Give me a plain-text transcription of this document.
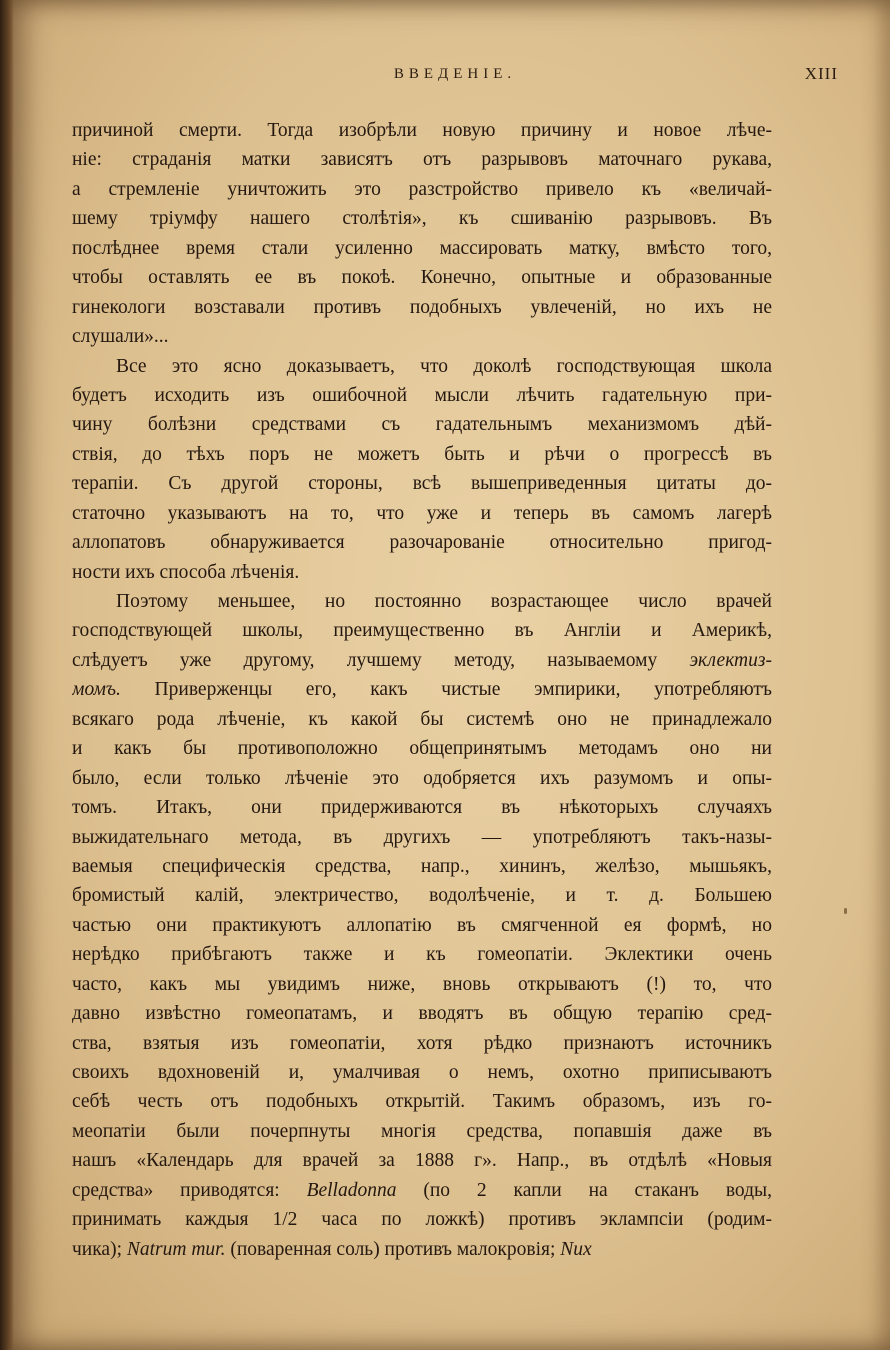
ВВЕДЕНІЕ.	XIII

причиной смерти. Тогда изобрѣли новую причину и новое лѣче-
ніе: страданія матки зависятъ отъ разрывовъ маточнаго рукава,
а стремленіе уничтожить это разстройство привело къ «величай-
шему тріумфу нашего столѣтія», къ сшиванію разрывовъ. Въ
послѣднее время стали усиленно массировать матку, вмѣсто того,
чтобы оставлять ее въ покоѣ. Конечно, опытные и образованные
гинекологи возставали противъ подобныхъ увлеченій, но ихъ не
слушали»...

Все это ясно доказываетъ, что доколѣ господствующая школа
будетъ исходить изъ ошибочной мысли лѣчить гадательную при-
чину болѣзни средствами съ гадательнымъ механизмомъ дѣй-
ствія, до тѣхъ поръ не можетъ быть и рѣчи о прогрессѣ въ
терапіи. Съ другой стороны, всѣ вышеприведенныя цитаты до-
статочно указываютъ на то, что уже и теперь въ самомъ лагерѣ
аллопатовъ обнаруживается разочарованіе относительно пригод-
ности ихъ способа лѣченія.

Поэтому меньшее, но постоянно возрастающее число врачей
господствующей школы, преимущественно въ Англіи и Америкѣ,
слѣдуетъ уже другому, лучшему методу, называемому эклектиз-
момъ. Приверженцы его, какъ чистые эмпирики, употребляютъ
всякаго рода лѣченіе, къ какой бы системѣ оно не принадлежало
и какъ бы противоположно общепринятымъ методамъ оно ни
было, если только лѣченіе это одобряется ихъ разумомъ и опы-
томъ. Итакъ, они придерживаются въ нѣкоторыхъ случаяхъ
выжидательнаго метода, въ другихъ — употребляютъ такъ-назы-
ваемыя специфическія средства, напр., хининъ, желѣзо, мышьякъ,
бромистый калій, электричество, водолѣченіе, и т. д. Большею
частью они практикуютъ аллопатію въ смягченной ея формѣ, но
нерѣдко прибѣгаютъ также и къ гомеопатіи. Эклектики очень
часто, какъ мы увидимъ ниже, вновь открываютъ (!) то, что
давно извѣстно гомеопатамъ, и вводятъ въ общую терапію сред-
ства, взятыя изъ гомеопатіи, хотя рѣдко признаютъ источникъ
своихъ вдохновеній и, умалчивая о немъ, охотно приписываютъ
себѣ честь отъ подобныхъ открытій. Такимъ образомъ, изъ го-
меопатіи были почерпнуты многія средства, попавшія даже въ
нашъ «Календарь для врачей за 1888 г». Напр., въ отдѣлѣ «Новыя
средства» приводятся: Belladonna (по 2 капли на стаканъ воды,
принимать каждыя 1/2 часа по ложкѣ) противъ эклампсіи (родим-
чика); Natrum mur. (поваренная соль) противъ малокровія; Nux
